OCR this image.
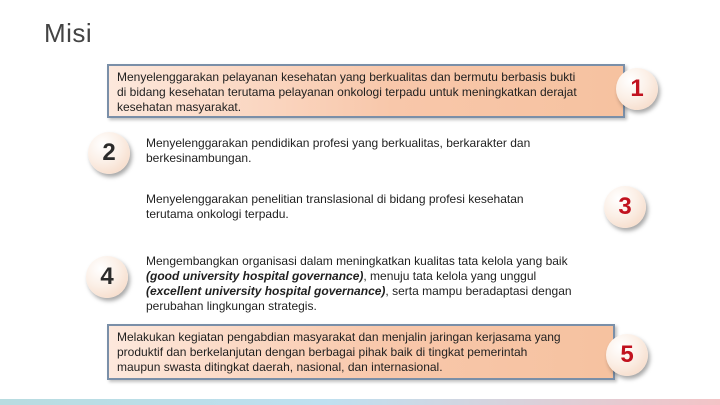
Misi
Menyelenggarakan pelayanan kesehatan yang berkualitas dan bermutu berbasis bukti
di bidang kesehatan terutama pelayanan onkologi terpadu untuk meningkatkan derajat
kesehatan masyarakat.
1
2	Menyelenggarakan pendidikan profesi yang berkualitas, berkarakter dan
berkesinambungan.
Menyelenggarakan penelitian translasional di bidang profesi kesehatan
terutama onkologi terpadu.	3
4
Mengembangkan organisasi dalam meningkatkan kualitas tata kelola yang baik
(good university hospital governance), menuju tata kelola yang unggul
(excellent university hospital governance), serta mampu beradaptasi dengan
perubahan lingkungan strategis.
Melakukan kegiatan pengabdian masyarakat dan menjalin jaringan kerjasama yang
produktif dan berkelanjutan dengan berbagai pihak baik di tingkat pemerintah
maupun swasta ditingkat daerah, nasional, dan internasional.	5
